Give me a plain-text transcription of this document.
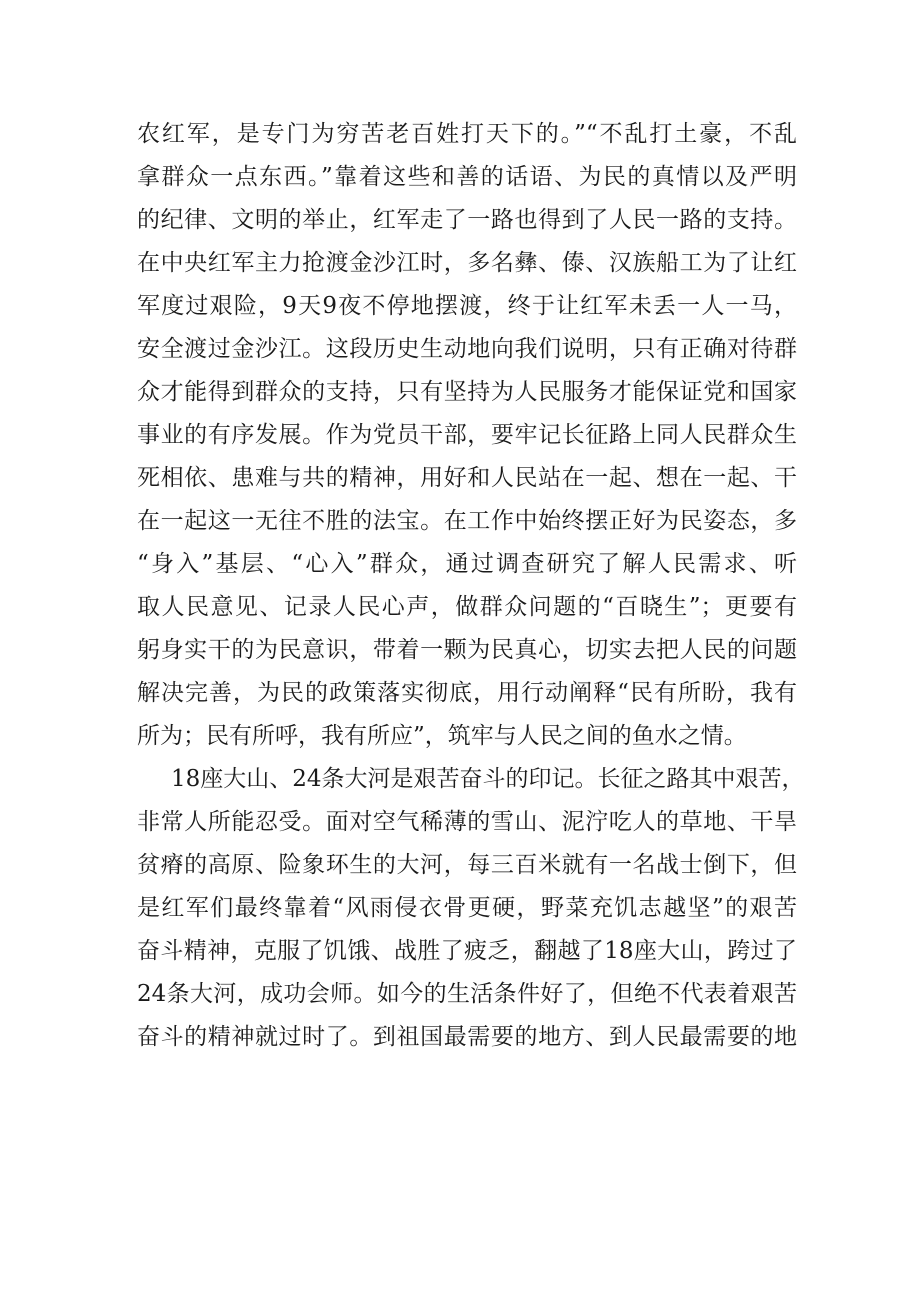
农红军，是专门为穷苦老百姓打天下的。”“不乱打土豪，不乱
拿群众一点东西。”靠着这些和善的话语、为民的真情以及严明
的纪律、文明的举止，红军走了一路也得到了人民一路的支持。
在中央红军主力抢渡金沙江时，多名彝、傣、汉族船工为了让红
军度过艰险，9天9夜不停地摆渡，终于让红军未丢一人一马，
安全渡过金沙江。这段历史生动地向我们说明，只有正确对待群
众才能得到群众的支持，只有坚持为人民服务才能保证党和国家
事业的有序发展。作为党员干部，要牢记长征路上同人民群众生
死相依、患难与共的精神，用好和人民站在一起、想在一起、干
在一起这一无往不胜的法宝。在工作中始终摆正好为民姿态，多
“身入”基层、“心入”群众，通过调查研究了解人民需求、听
取人民意见、记录人民心声，做群众问题的“百晓生”；更要有
躬身实干的为民意识，带着一颗为民真心，切实去把人民的问题
解决完善，为民的政策落实彻底，用行动阐释“民有所盼，我有
所为；民有所呼，我有所应”，筑牢与人民之间的鱼水之情。
18座大山、24条大河是艰苦奋斗的印记。长征之路其中艰苦，
非常人所能忍受。面对空气稀薄的雪山、泥泞吃人的草地、干旱
贫瘠的高原、险象环生的大河，每三百米就有一名战士倒下，但
是红军们最终靠着“风雨侵衣骨更硬，野菜充饥志越坚”的艰苦
奋斗精神，克服了饥饿、战胜了疲乏，翻越了18座大山，跨过了
24条大河，成功会师。如今的生活条件好了，但绝不代表着艰苦
奋斗的精神就过时了。到祖国最需要的地方、到人民最需要的地
